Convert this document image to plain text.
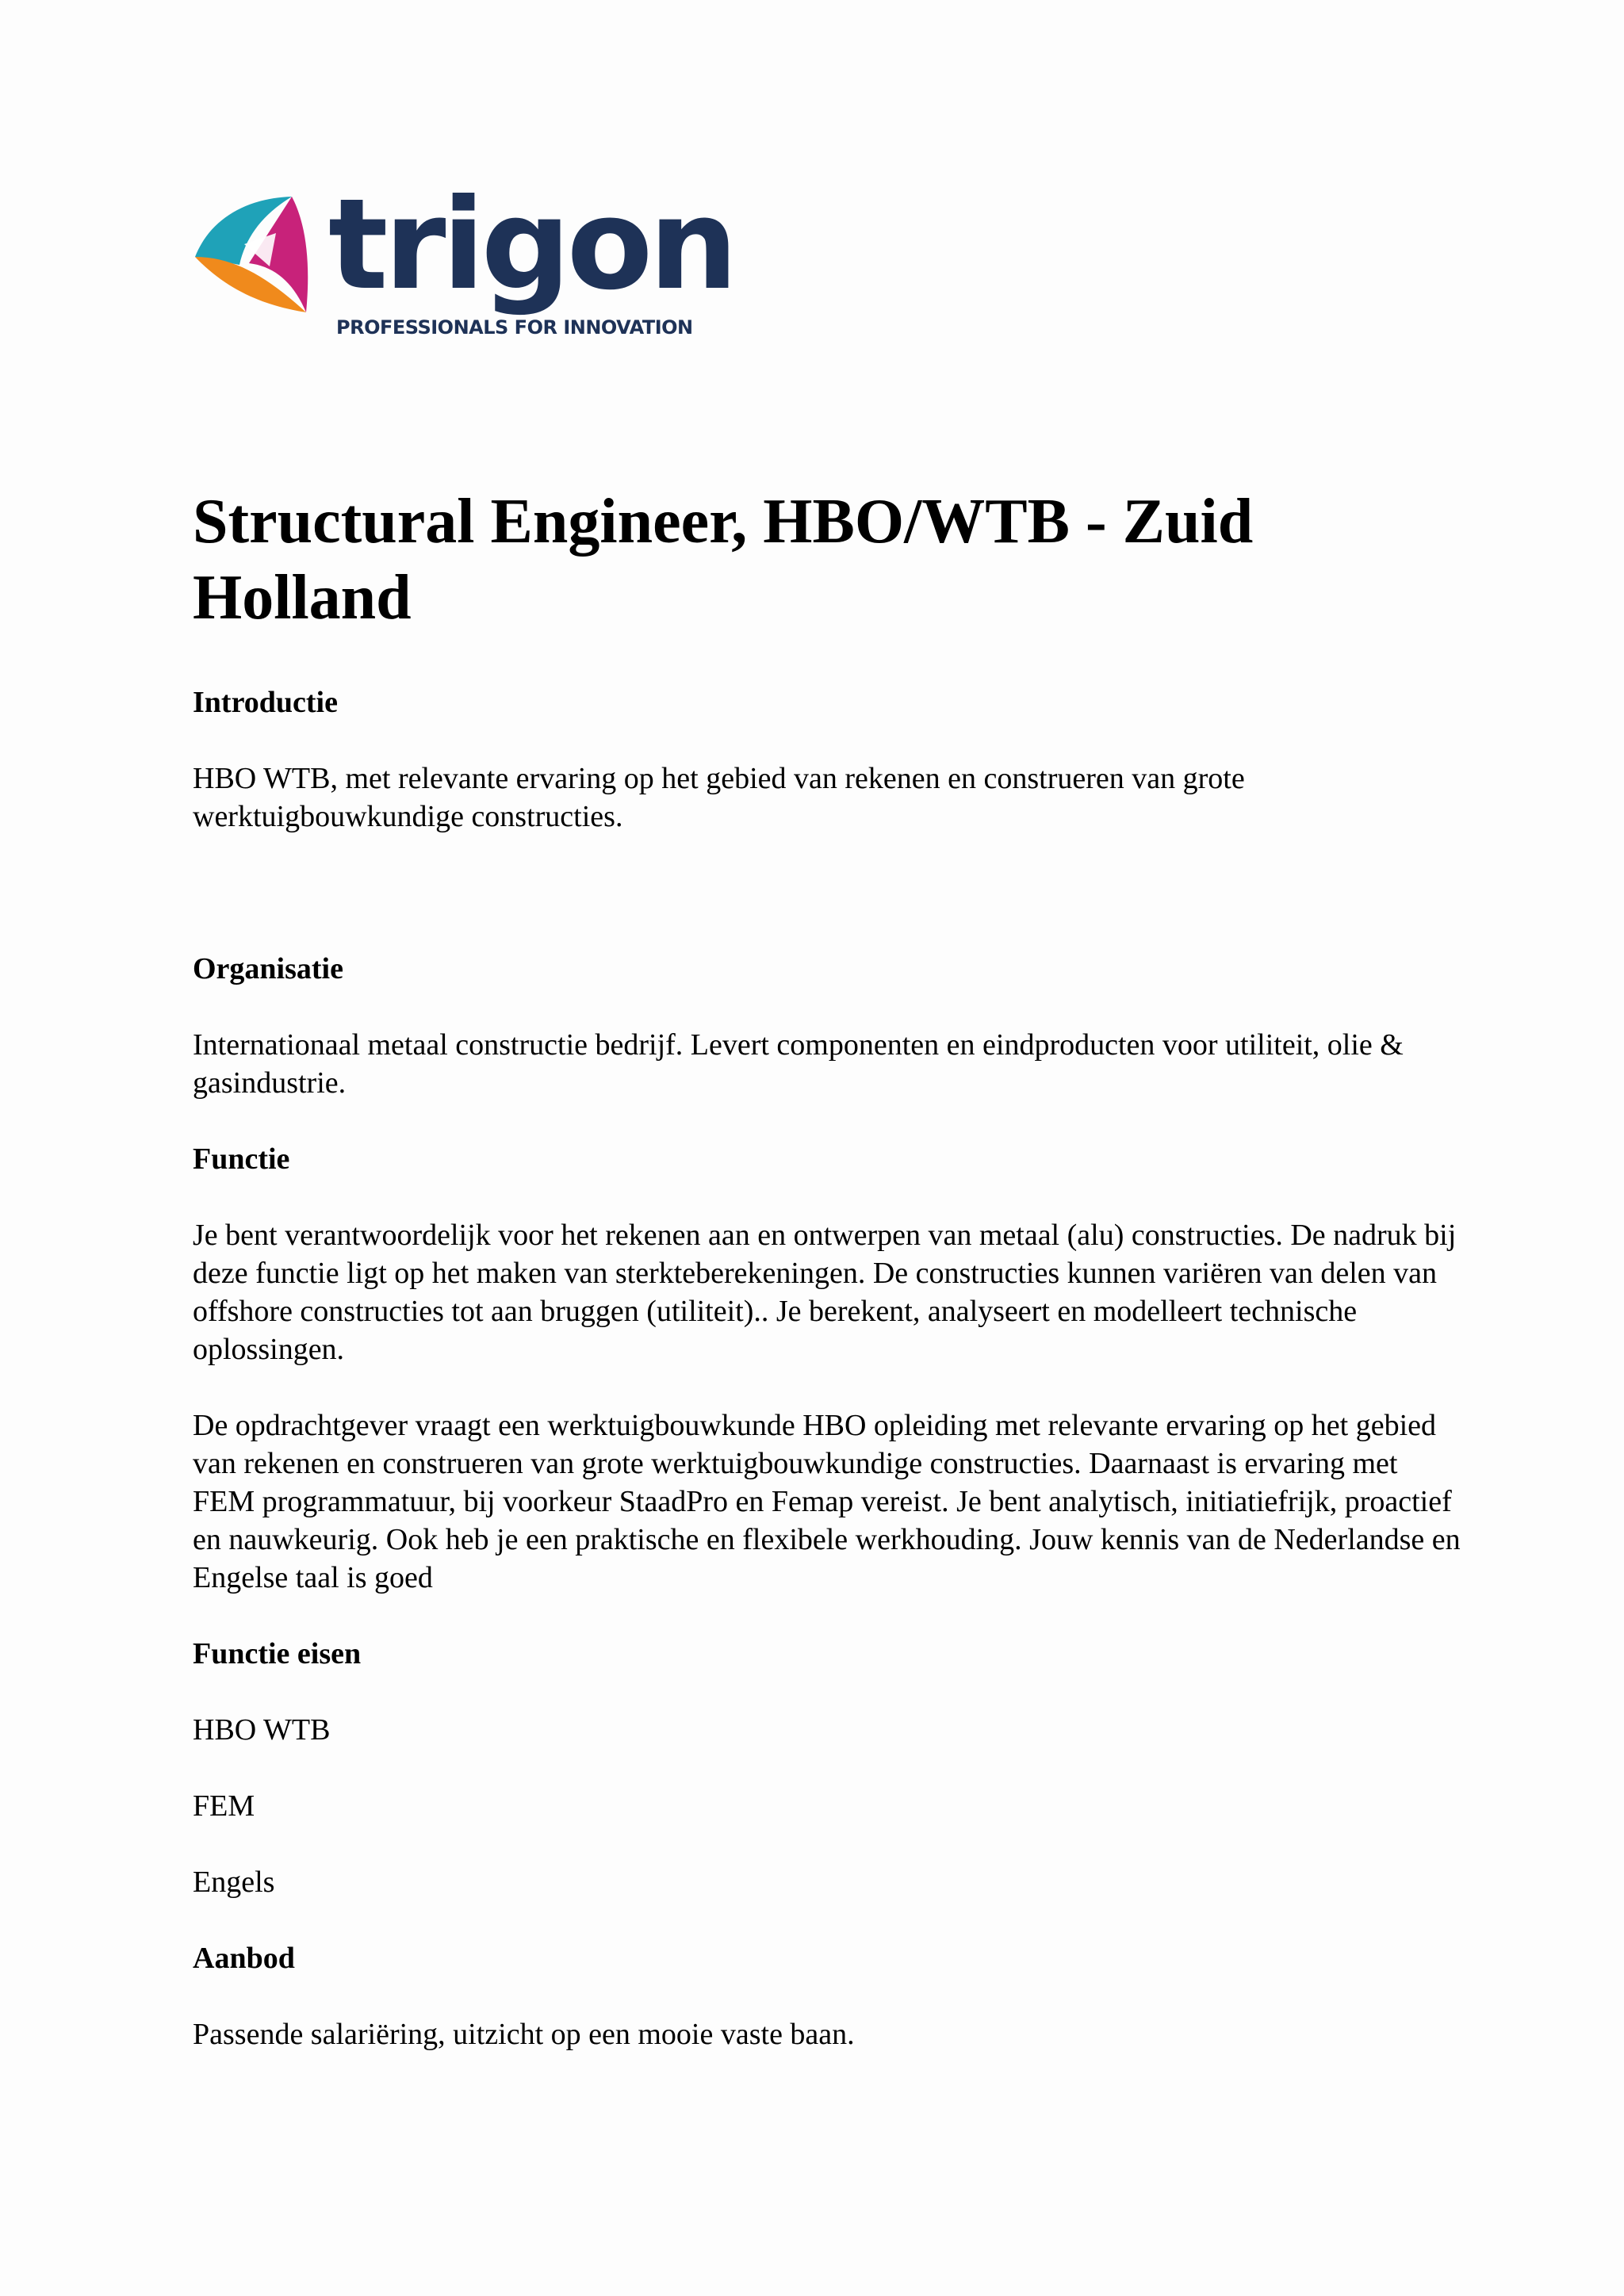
trigon
PROFESSIONALS FOR INNOVATION
Structural Engineer, HBO/WTB - Zuid Holland

Introductie

HBO WTB, met relevante ervaring op het gebied van rekenen en construeren van grote werktuigbouwkundige constructies.

Organisatie

Internationaal metaal constructie bedrijf. Levert componenten en eindproducten voor utiliteit, olie & gasindustrie.

Functie

Je bent verantwoordelijk voor het rekenen aan en ontwerpen van metaal (alu) constructies. De nadruk bij deze functie ligt op het maken van sterkteberekeningen. De constructies kunnen variëren van delen van offshore constructies tot aan bruggen (utiliteit).. Je berekent, analyseert en modelleert technische oplossingen.

De opdrachtgever vraagt een werktuigbouwkunde HBO opleiding met relevante ervaring op het gebied van rekenen en construeren van grote werktuigbouwkundige constructies. Daarnaast is ervaring met FEM programmatuur, bij voorkeur StaadPro en Femap vereist. Je bent analytisch, initiatiefrijk, proactief en nauwkeurig. Ook heb je een praktische en flexibele werkhouding. Jouw kennis van de Nederlandse en Engelse taal is goed

Functie eisen

HBO WTB

FEM

Engels

Aanbod

Passende salariëring, uitzicht op een mooie vaste baan.
